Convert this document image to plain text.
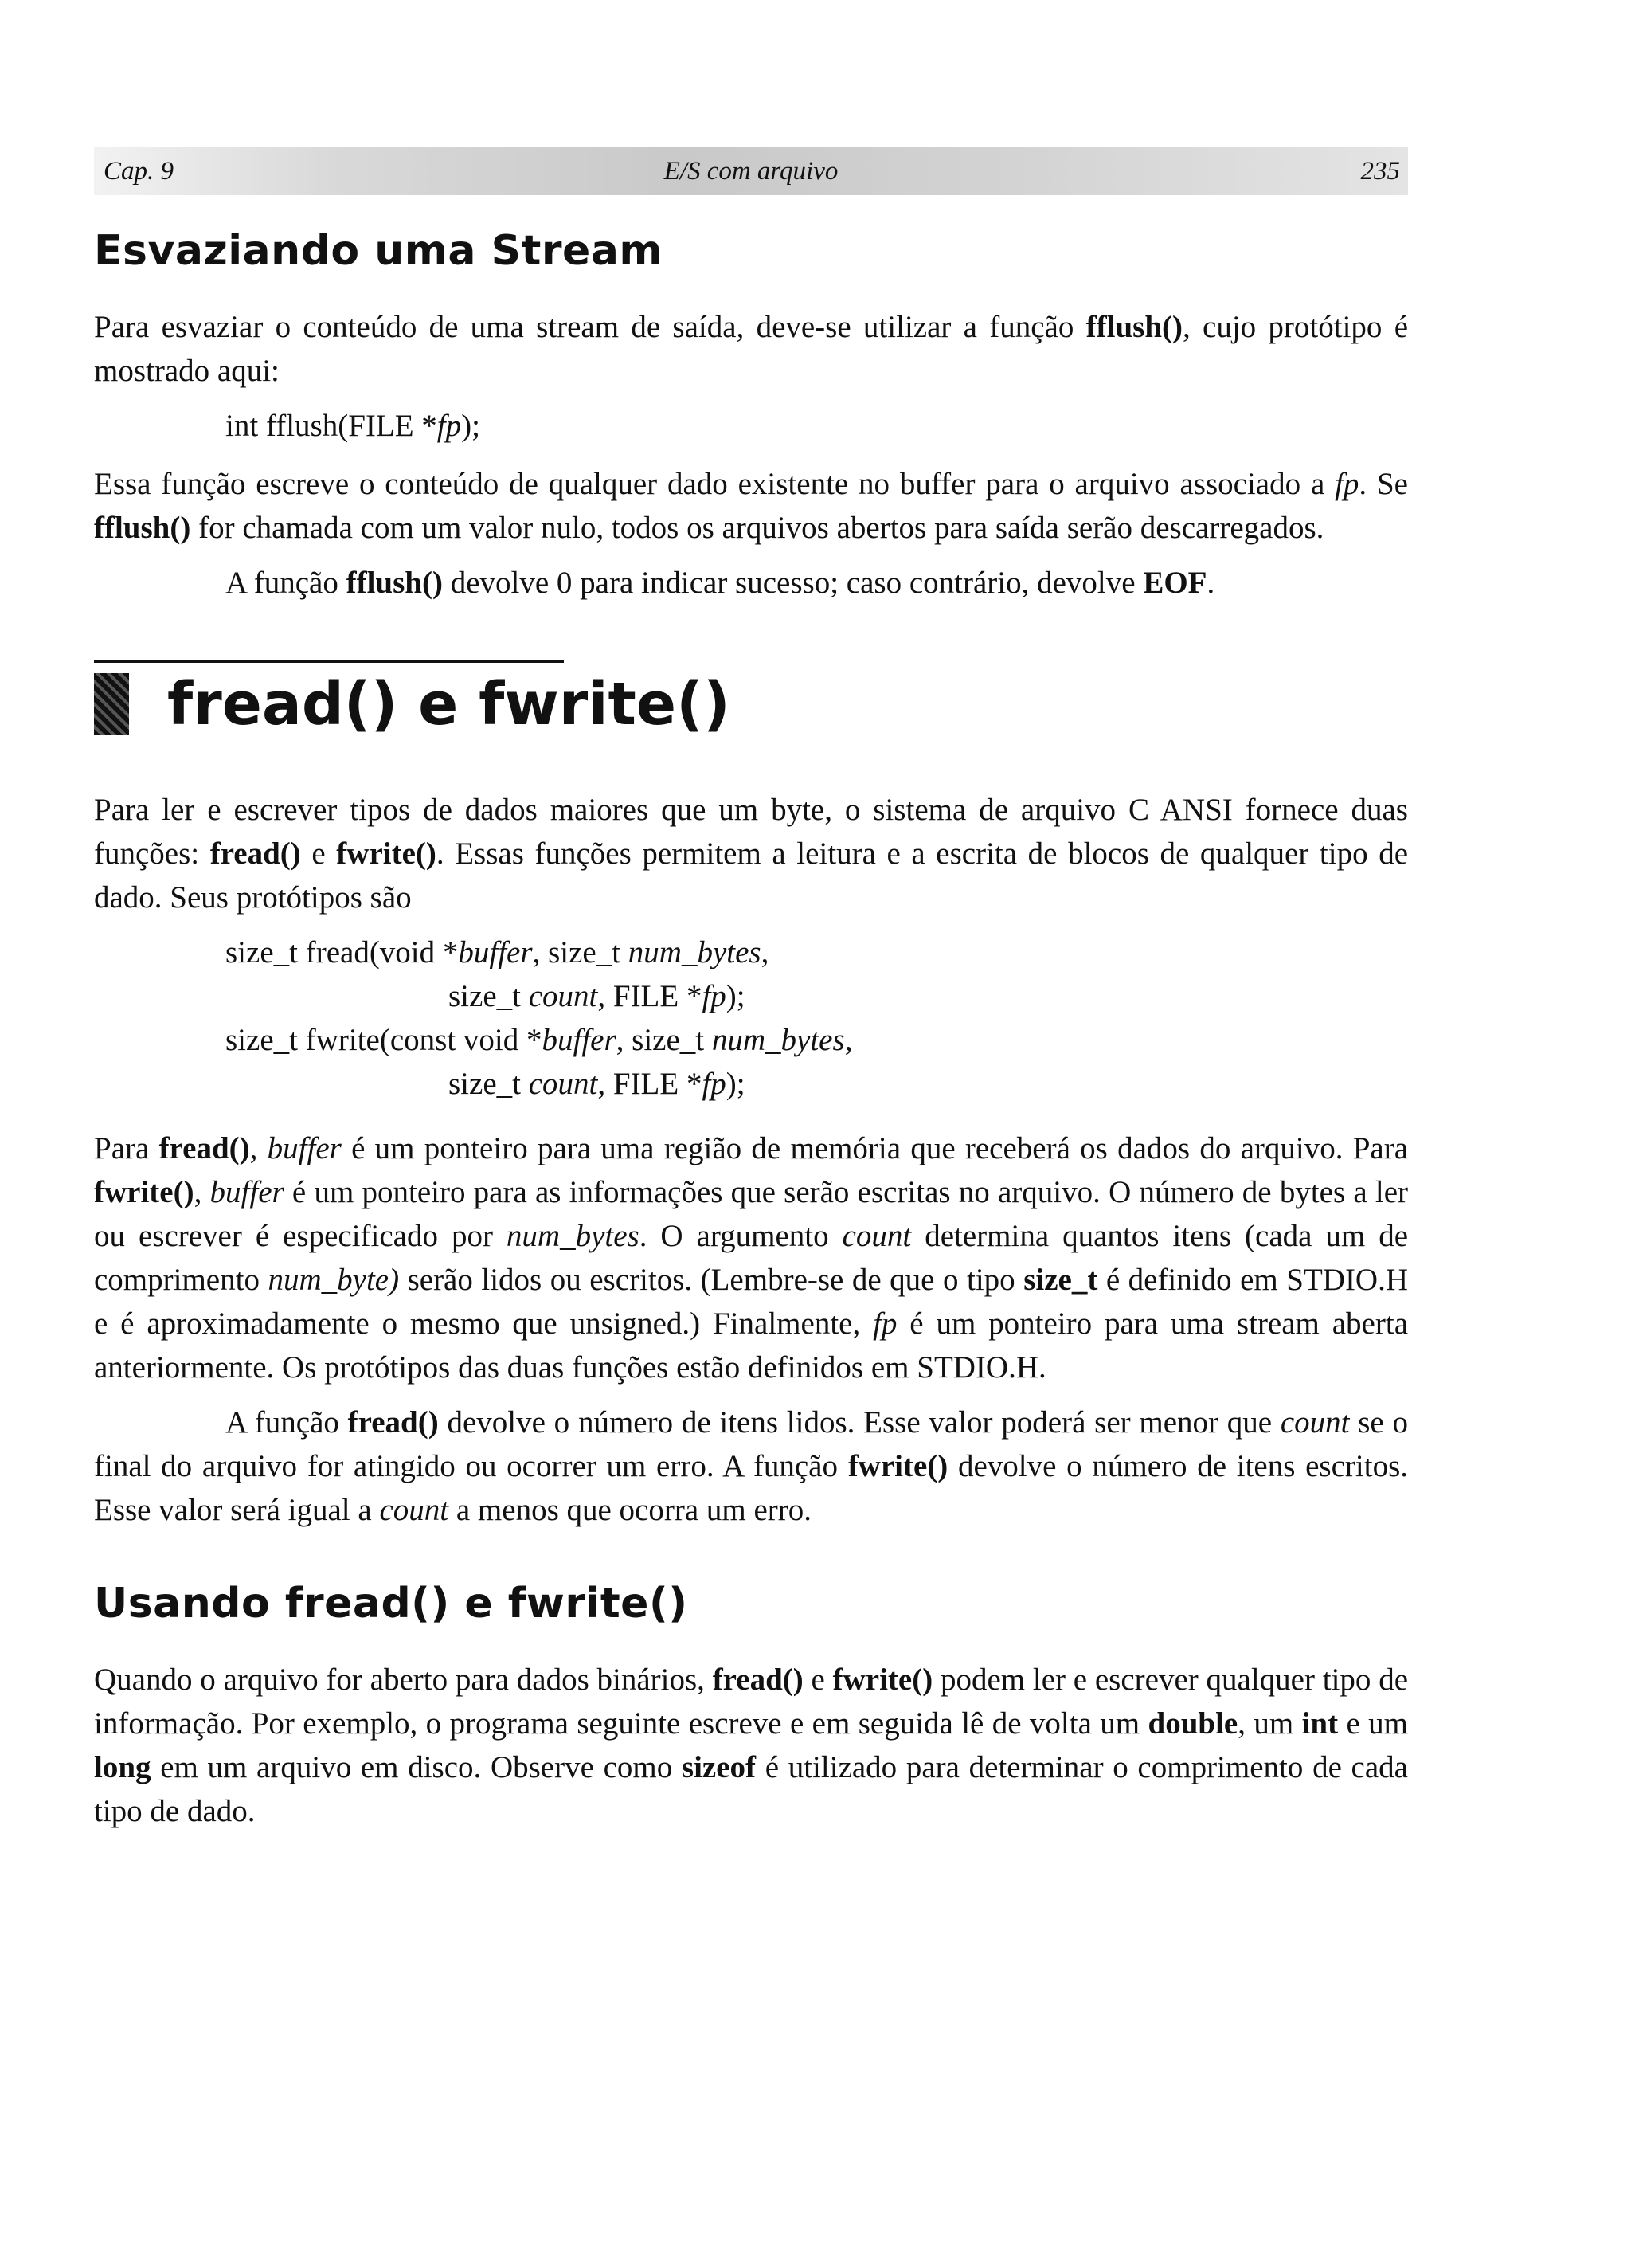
Cap. 9	E/S com arquivo	235
Esvaziando uma Stream

Para esvaziar o conteúdo de uma stream de saída, deve-se utilizar a função fflush(), cujo protótipo é mostrado aqui:

int fflush(FILE *fp);

Essa função escreve o conteúdo de qualquer dado existente no buffer para o arquivo associado a fp. Se fflush() for chamada com um valor nulo, todos os arquivos abertos para saída serão descarregados.

A função fflush() devolve 0 para indicar sucesso; caso contrário, devolve EOF.

fread() e fwrite()

Para ler e escrever tipos de dados maiores que um byte, o sistema de arquivo C ANSI fornece duas funções: fread() e fwrite(). Essas funções permitem a leitura e a escrita de blocos de qualquer tipo de dado. Seus protótipos são

size_t fread(void *buffer, size_t num_bytes,
size_t count, FILE *fp);
size_t fwrite(const void *buffer, size_t num_bytes,
size_t count, FILE *fp);

Para fread(), buffer é um ponteiro para uma região de memória que receberá os dados do arquivo. Para fwrite(), buffer é um ponteiro para as informações que serão escritas no arquivo. O número de bytes a ler ou escrever é especificado por num_bytes. O argumento count determina quantos itens (cada um de comprimento num_byte) serão lidos ou escritos. (Lembre-se de que o tipo size_t é definido em STDIO.H e é aproximadamente o mesmo que unsigned.) Finalmente, fp é um ponteiro para uma stream aberta anteriormente. Os protótipos das duas funções estão definidos em STDIO.H.

A função fread() devolve o número de itens lidos. Esse valor poderá ser menor que count se o final do arquivo for atingido ou ocorrer um erro. A função fwrite() devolve o número de itens escritos. Esse valor será igual a count a menos que ocorra um erro.

Usando fread() e fwrite()

Quando o arquivo for aberto para dados binários, fread() e fwrite() podem ler e escrever qualquer tipo de informação. Por exemplo, o programa seguinte escreve e em seguida lê de volta um double, um int e um long em um arquivo em disco. Observe como sizeof é utilizado para determinar o comprimento de cada tipo de dado.
